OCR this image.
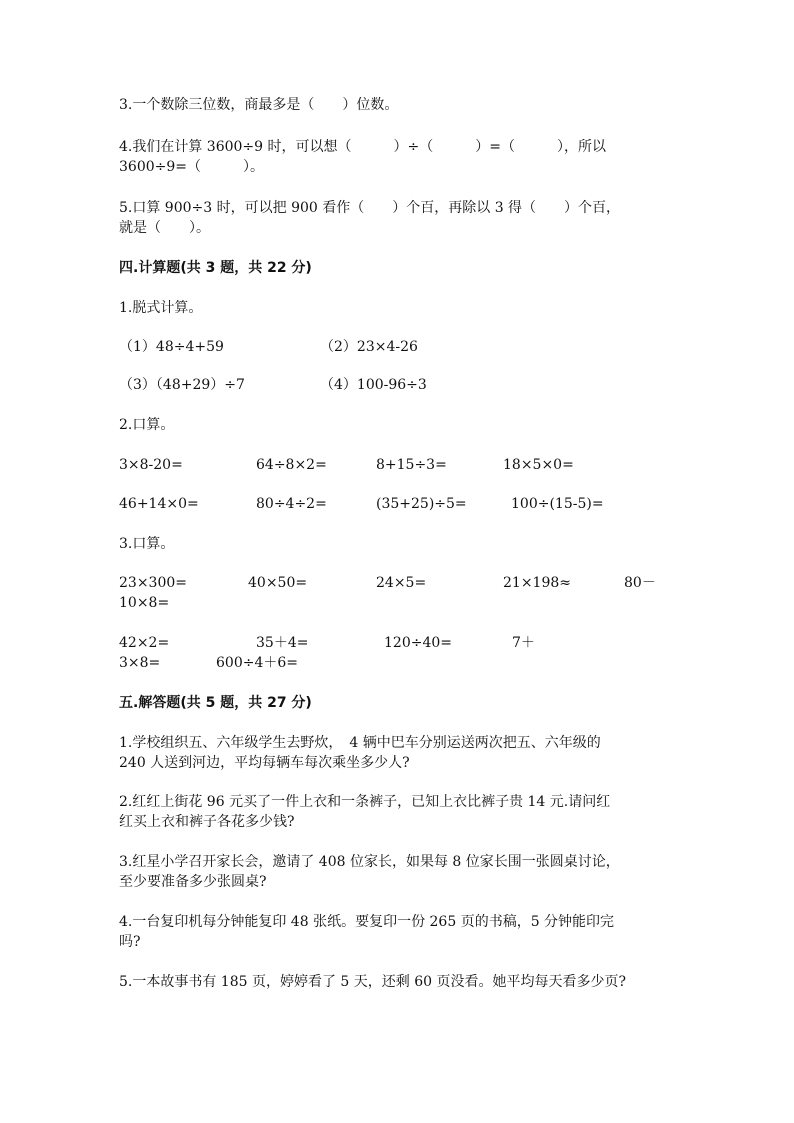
3.一个数除三位数，商最多是（　　）位数。
4.我们在计算 3600÷9 时，可以想（　　　）÷（　　　）=（　　　），所以
3600÷9=（　　　）。
5.口算 900÷3 时，可以把 900 看作（　　）个百，再除以 3 得（　　）个百，
就是（　　）。
四.计算题(共 3 题，共 22 分)
1.脱式计算。
（1）48÷4+59	（2）23×4-26
（3）（48+29）÷7	（4）100-96÷3
2.口算。
3×8-20=	64÷8×2=	8+15÷3=	18×5×0=
46+14×0=	80÷4÷2=	(35+25)÷5=	100÷(15-5)=
3.口算。
23×300=	40×50=	24×5=	21×198≈	80－
10×8=
42×2=	35＋4=	120÷40=	7＋
3×8=	600÷4＋6=
五.解答题(共 5 题，共 27 分)
1.学校组织五、六年级学生去野炊，　4 辆中巴车分别运送两次把五、六年级的
240 人送到河边，平均每辆车每次乘坐多少人?
2.红红上街花 96 元买了一件上衣和一条裤子，已知上衣比裤子贵 14 元.请问红
红买上衣和裤子各花多少钱?
3.红星小学召开家长会，邀请了 408 位家长，如果每 8 位家长围一张圆桌讨论，
至少要准备多少张圆桌?
4.一台复印机每分钟能复印 48 张纸。要复印一份 265 页的书稿，5 分钟能印完
吗?
5.一本故事书有 185 页，婷婷看了 5 天，还剩 60 页没看。她平均每天看多少页?
